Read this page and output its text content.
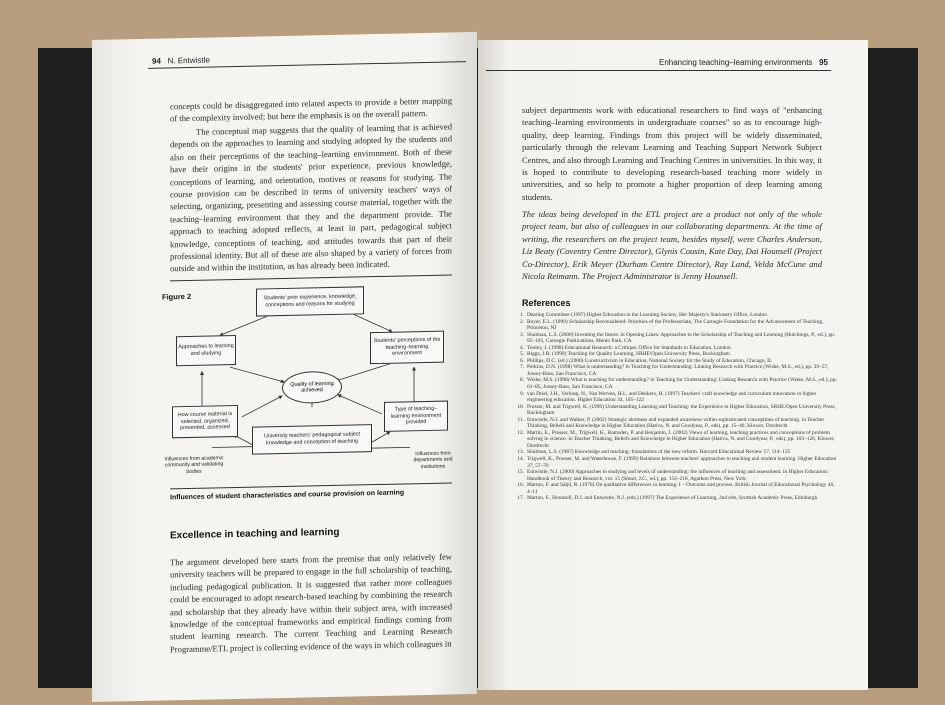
94 N. Entwistle

concepts could be disaggregated into related aspects to provide a better mapping of the complexity involved; but here the emphasis is on the overall pattern.

The conceptual map suggests that the quality of learning that is achieved depends on the approaches to learning and studying adopted by the students and also on their perceptions of the teaching–learning environment. Both of these have their origins in the students' prior experience, previous knowledge, conceptions of learning, and orientation, motives or reasons for studying. The course provision can be described in terms of university teachers' ways of selecting, organizing, presenting and assessing course material, together with the teaching–learning environment that they and the department provide. The approach to teaching adopted reflects, at least in part, pedagogical subject knowledge, conceptions of teaching, and attitudes towards that part of their professional identity. But all of these are also shaped by a variety of forces from outside and within the institution, as has already been indicated.

Figure 2	Students' prior experience, knowledge, conceptions and reasons for studying
Approaches to learning and studying
Students' perceptions of the teaching–learning environment
Quality of learning achieved
How course material is selected, organized, presented, assessed
Type of teaching–learning environment provided
University teachers' pedagogical subject knowledge and conception of teaching
Influences from academic community and validating bodies
Influences from departments and institutions
Influences of student characteristics and course provision on learning
Excellence in teaching and learning

The argument developed here starts from the premise that only relatively few university teachers will be prepared to engage in the full scholarship of teaching, including pedagogical publication. It is suggested that rather more colleagues could be encouraged to adopt research-based teaching by combining the research and scholarship that they already have within their subject area, with increased knowledge of the conceptual frameworks and empirical findings coming from student learning research. The current Teaching and Learning Research Programme/ETL project is collecting evidence of the ways in which colleagues in

Enhancing teaching–learning environments 95

subject departments work with educational researchers to find ways of "enhancing teaching–learning environments in undergraduate courses" so as to encourage high-quality, deep learning. Findings from this project will be widely disseminated, particularly through the relevant Learning and Teaching Support Network Subject Centres, and also through Learning and Teaching Centres in universities. In this way, it is hoped to contribute to developing research-based teaching more widely in universities, and so help to promote a higher proportion of deep learning among students.

The ideas being developed in the ETL project are a product not only of the whole project team, but also of colleagues in our collaborating departments. At the time of writing, the researchers on the project team, besides myself, were Charles Anderson, Liz Beaty (Coventry Centre Director), Glynis Cousin, Kate Day, Dai Hounsell (Project Co-Director), Erik Meyer (Durham Centre Director), Ray Land, Velda McCune and Nicola Reimann. The Project Administrator is Jenny Hounsell.

References
1. Dearing Committee (1997) Higher Education in the Learning Society, Her Majesty's Stationery Office, London
2. Boyer, E.L. (1990) Scholarship Reconsidered: Priorities of the Professoriate, The Carnegie Foundation for the Advancement of Teaching, Princeton, NJ
3. Shulman, L.S. (2000) Inventing the future. in Opening Lines: Approaches to the Scholarship of Teaching and Learning (Hutchings, P., ed.), pp. 95–105, Carnegie Publications, Menlo Park, CA
4. Tooley, J. (1998) Educational Research: a Critique, Office for Standards in Education, London
5. Biggs, J.B. (1999) Teaching for Quality Learning, SRHE/Open University Press, Buckingham
6. Phillips, D.C. (ed.) (2000) Constructivism in Education, National Society for the Study of Education, Chicago, IL
7. Perkins, D.N. (1998) What is understanding? in Teaching for Understanding: Linking Research with Practice (Wiske, M.S., ed.), pp. 39–57, Jossey-Bass, San Francisco, CA
8. Wiske, M.S. (1998) What is teaching for understanding? in Teaching for Understanding: Linking Research with Practice (Wiske, M.S., ed.), pp. 61–85, Jossey-Bass, San Francisco, CA
9. van Driel, J.H., Verloop, N., Van Werven, H.I., and Dekkers, H. (1997) Teachers' craft knowledge and curriculum innovation in higher engineering education. Higher Education 34, 105–122
10. Prosser, M. and Trigwell, K. (1999) Understanding Learning and Teaching: the Experience in Higher Education, SRHE/Open University Press, Buckingham
11. Entwistle, N.J. and Walker, P. (2002) Strategic alertness and expanded awareness within sophisticated conceptions of teaching. in Teacher Thinking, Beliefs and Knowledge in Higher Education (Hativa, N. and Goodyear, P., eds), pp. 15–40, Kluwer, Dordrecht
12. Martin, E., Prosser, M., Trigwell, K., Ramsden, P. and Benjamin, J. (2002) Views of learning, teaching practices and conceptions of problem solving in science. in Teacher Thinking, Beliefs and Knowledge in Higher Education (Hativa, N. and Goodyear, P., eds), pp. 103–126, Kluwer, Dordrecht
13. Shulman, L.S. (1987) Knowledge and teaching: foundations of the new reform. Harvard Educational Review 57, 114–135
14. Trigwell, K., Prosser, M. and Waterhouse, F. (1999) Relations between teachers' approaches to teaching and student learning. Higher Education 37, 57–70
15. Entwistle, N.J. (2000) Approaches to studying and levels of understanding: the influences of teaching and assessment. in Higher Education: Handbook of Theory and Research, vol. 15 (Smart, J.C., ed.), pp. 156–218, Agathon Press, New York
16. Marton, F. and Säljö, R. (1976) On qualitative differences in learning. I – Outcome and process. British Journal of Educational Psychology 46, 4–11
17. Marton, F., Hounsell, D.J. and Entwistle, N.J. (eds.) (1997) The Experience of Learning, 2nd edn, Scottish Academic Press, Edinburgh
